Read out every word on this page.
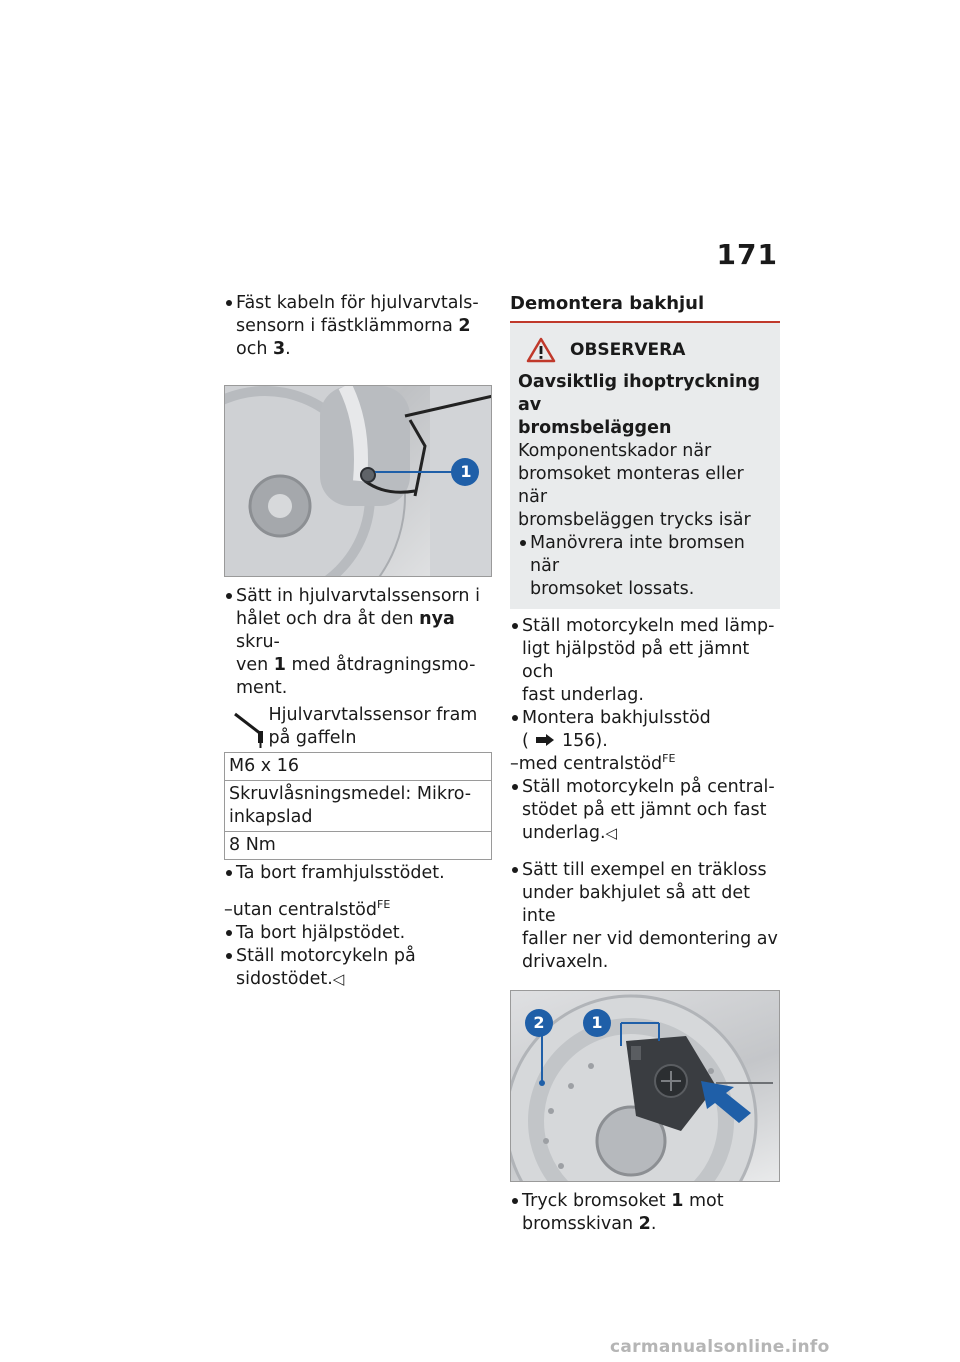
171
Fäst kabeln för hjulvarvtals-
sensorn i fästklämmorna 2
och 3.
1
Sätt in hjulvarvtalssensorn i
hålet och dra åt den nya skru-
ven 1 med åtdragningsmo-
ment.
Hjulvarvtalssensor fram
på gaffeln

M6 x 16

Skruvlåsningsmedel: Mikro-
inkapslad

8 Nm
Ta bort framhjulsstödet.
–utan centralstöd$^{FE}$
Ta bort hjälpstödet.
Ställ motorcykeln på
sidostödet.◁
Demontera bakhjul
OBSERVERA
Oavsiktlig ihoptryckning av
bromsbeläggen
Komponentskador när
bromsoket monteras eller när
bromsbeläggen trycks isär
Manövrera inte bromsen när
bromsoket lossats.
Ställ motorcykeln med lämp-
ligt hjälpstöd på ett jämnt och
fast underlag.
Montera bakhjulsstöd
( 156).
–med centralstöd$^{FE}$
Ställ motorcykeln på central-
stödet på ett jämnt och fast
underlag.◁
Sätt till exempel en träkloss
under bakhjulet så att det inte
faller ner vid demontering av
drivaxeln.
1
2
Tryck bromsoket 1 mot
bromsskivan 2.
carmanualsonline.info
